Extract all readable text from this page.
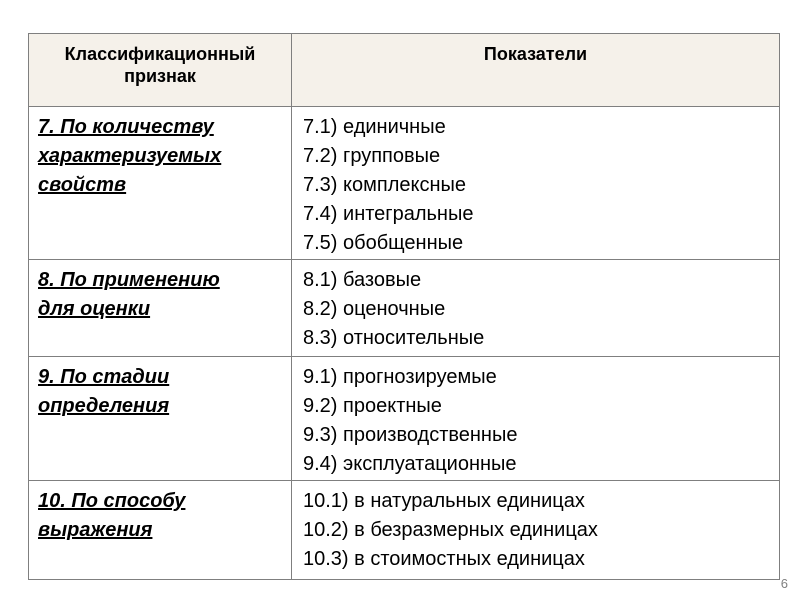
Классификационный
признак	Показатели

7. По количеству
характеризуемых
свойств	7.1) единичные
7.2) групповые
7.3) комплексные
7.4) интегральные
7.5) обобщенные

8. По применению
для оценки	8.1) базовые
8.2) оценочные
8.3) относительные

9. По стадии
определения	9.1) прогнозируемые
9.2) проектные
9.3) производственные
9.4) эксплуатационные

10. По способу
выражения	10.1) в натуральных единицах
10.2) в безразмерных единицах
10.3) в стоимостных единицах
6
